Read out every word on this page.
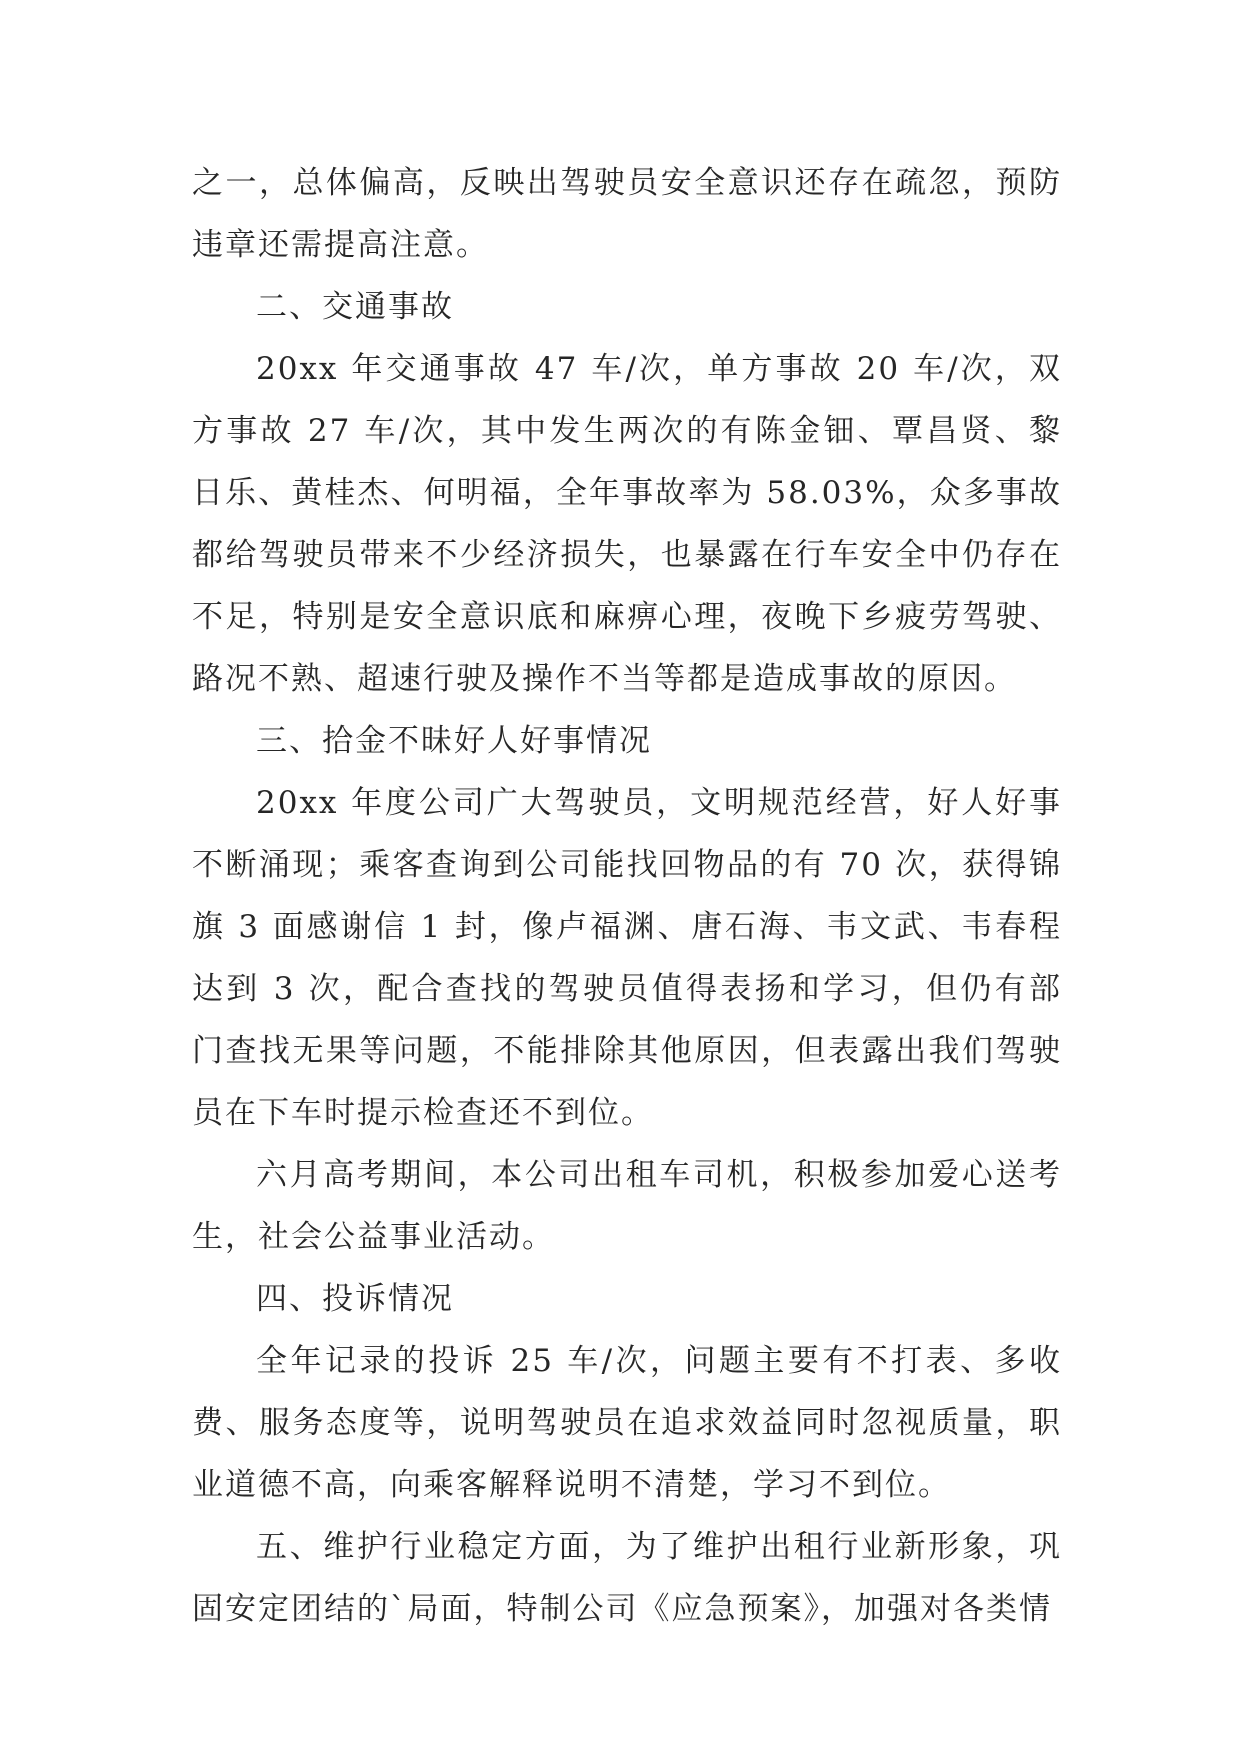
之一，总体偏高，反映出驾驶员安全意识还存在疏忽，预防违章还需提高注意。

二、交通事故

20xx 年交通事故 47 车/次，单方事故 20 车/次，双方事故 27 车/次，其中发生两次的有陈金钿、覃昌贤、黎日乐、黄桂杰、何明福，全年事故率为 58.03%，众多事故都给驾驶员带来不少经济损失，也暴露在行车安全中仍存在不足，特别是安全意识底和麻痹心理，夜晚下乡疲劳驾驶、路况不熟、超速行驶及操作不当等都是造成事故的原因。

三、拾金不昧好人好事情况

20xx 年度公司广大驾驶员，文明规范经营，好人好事不断涌现；乘客查询到公司能找回物品的有 70 次，获得锦旗 3 面感谢信 1 封，像卢福渊、唐石海、韦文武、韦春程达到 3 次，配合查找的驾驶员值得表扬和学习，但仍有部门查找无果等问题，不能排除其他原因，但表露出我们驾驶员在下车时提示检查还不到位。

六月高考期间，本公司出租车司机，积极参加爱心送考生，社会公益事业活动。

四、投诉情况

全年记录的投诉 25 车/次，问题主要有不打表、多收费、服务态度等，说明驾驶员在追求效益同时忽视质量，职业道德不高，向乘客解释说明不清楚，学习不到位。

五、维护行业稳定方面，为了维护出租行业新形象，巩固安定团结的`局面，特制公司《应急预案》，加强对各类情
